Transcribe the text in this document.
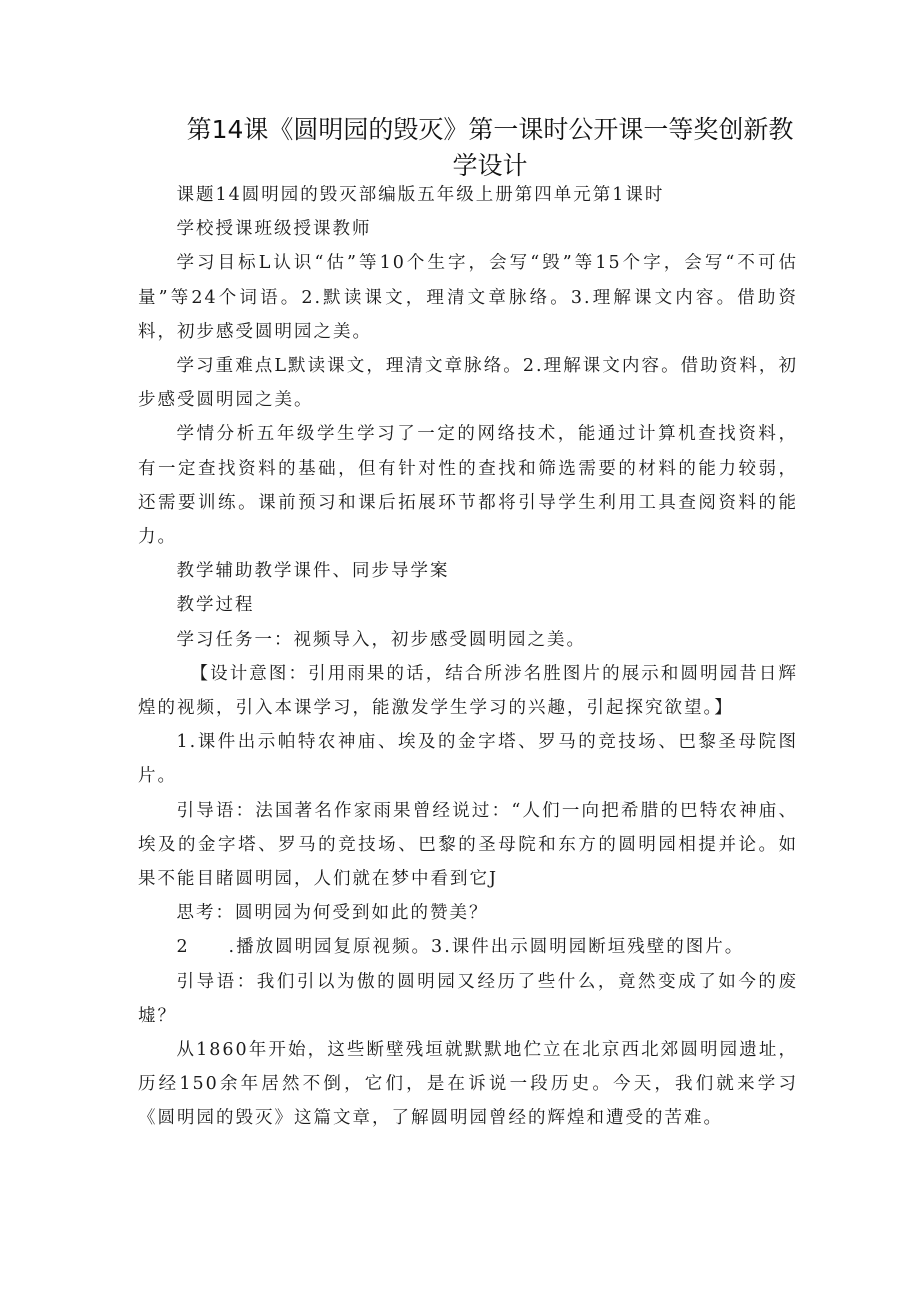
第14课《圆明园的毁灭》第一课时公开课一等奖创新教
学设计

课题14圆明园的毁灭部编版五年级上册第四单元第1课时

学校授课班级授课教师

学习目标L认识“估”等10个生字，会写“毁”等15个字，会写“不可估量”等24个词语。2.默读课文，理清文章脉络。3.理解课文内容。借助资料，初步感受圆明园之美。

学习重难点L默读课文，理清文章脉络。2.理解课文内容。借助资料，初步感受圆明园之美。

学情分析五年级学生学习了一定的网络技术，能通过计算机查找资料，有一定查找资料的基础，但有针对性的查找和筛选需要的材料的能力较弱，还需要训练。课前预习和课后拓展环节都将引导学生利用工具查阅资料的能力。

教学辅助教学课件、同步导学案

教学过程

学习任务一：视频导入，初步感受圆明园之美。

【设计意图：引用雨果的话，结合所涉名胜图片的展示和圆明园昔日辉煌的视频，引入本课学习，能激发学生学习的兴趣，引起探究欲望。】

1.课件出示帕特农神庙、埃及的金字塔、罗马的竞技场、巴黎圣母院图片。

引导语：法国著名作家雨果曾经说过：“人们一向把希腊的巴特农神庙、埃及的金字塔、罗马的竞技场、巴黎的圣母院和东方的圆明园相提并论。如果不能目睹圆明园，人们就在梦中看到它J

思考：圆明园为何受到如此的赞美？

2 .播放圆明园复原视频。3.课件出示圆明园断垣残壁的图片。

引导语：我们引以为傲的圆明园又经历了些什么，竟然变成了如今的废墟？

从1860年开始，这些断壁残垣就默默地伫立在北京西北郊圆明园遗址，历经150余年居然不倒，它们，是在诉说一段历史。今天，我们就来学习《圆明园的毁灭》这篇文章，了解圆明园曾经的辉煌和遭受的苦难。
